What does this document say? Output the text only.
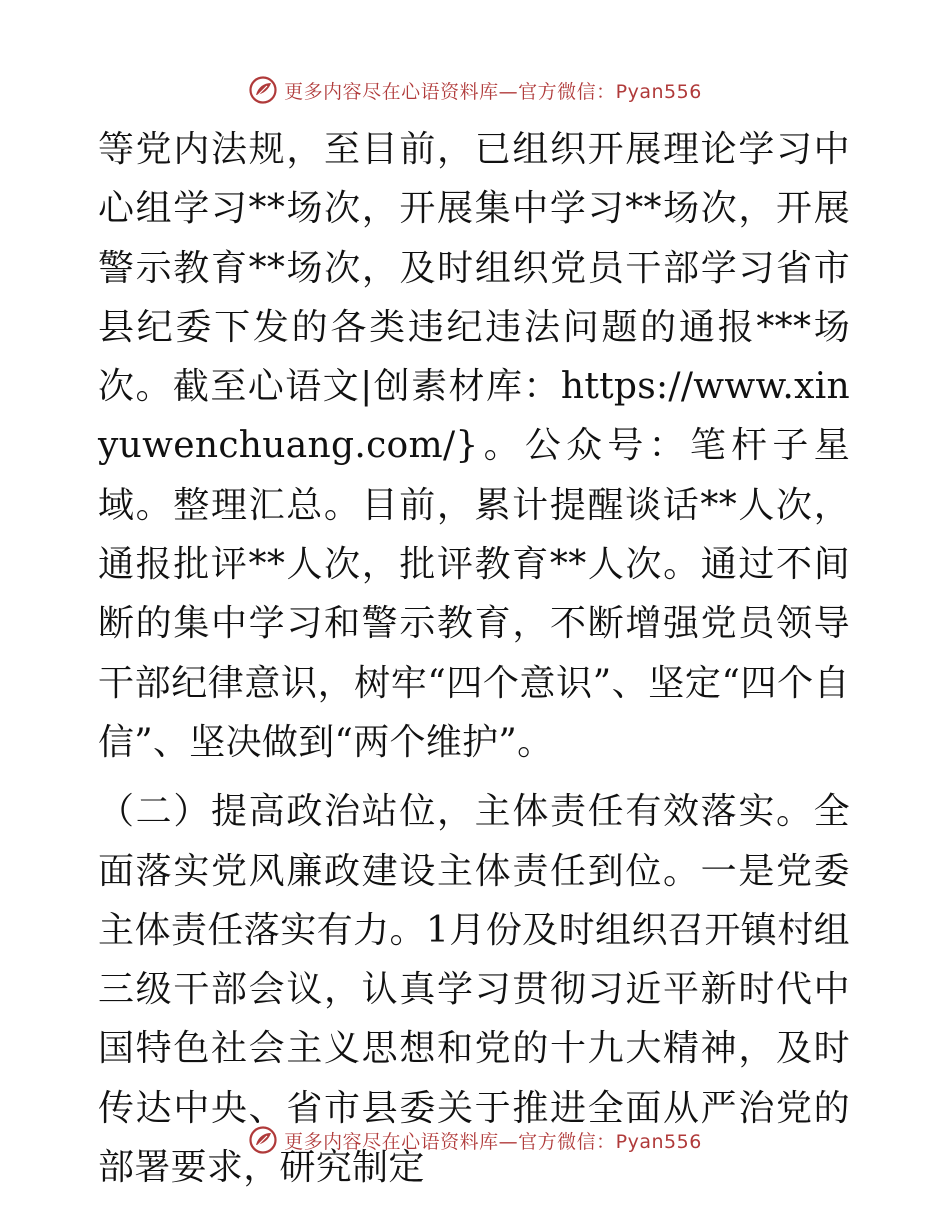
更多内容尽在心语资料库—官方微信：Pyan556

等党内法规，至目前，已组织开展理论学习中心组学习**场次，开展集中学习**场次，开展警示教育**场次，及时组织党员干部学习省市县纪委下发的各类违纪违法问题的通报***场次。截至心语文|创素材库：https://www.xinyuwenchuang.com/}。公众号：笔杆子星域。整理汇总。目前，累计提醒谈话**人次，通报批评**人次，批评教育**人次。通过不间断的集中学习和警示教育，不断增强党员领导干部纪律意识，树牢“四个意识”、坚定“四个自信”、坚决做到“两个维护”。

（二）提高政治站位，主体责任有效落实。全面落实党风廉政建设主体责任到位。一是党委主体责任落实有力。1月份及时组织召开镇村组三级干部会议，认真学习贯彻习近平新时代中国特色社会主义思想和党的十九大精神，及时传达中央、省市县委关于推进全面从严治党的部署要求，研究制定

更多内容尽在心语资料库—官方微信：Pyan556
